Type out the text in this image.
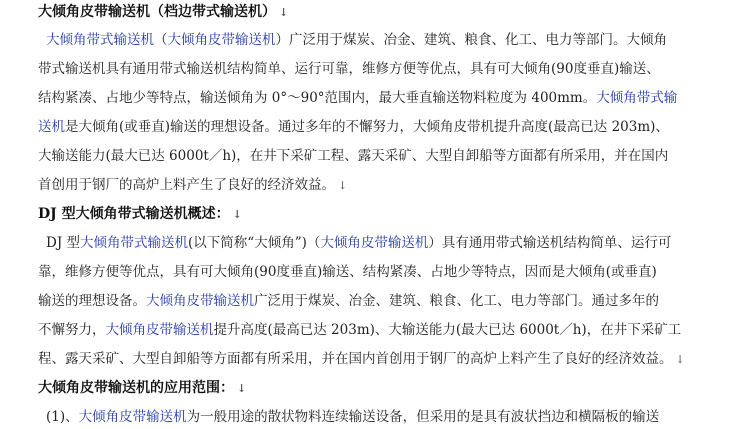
大倾角皮带输送机（档边带式输送机） ↓
大倾角带式输送机（大倾角皮带输送机）广泛用于煤炭、冶金、建筑、粮食、化工、电力等部门。大倾角
带式输送机具有通用带式输送机结构简单、运行可靠，维修方便等优点，具有可大倾角(90度垂直)输送、
结构紧凑、占地少等特点，输送倾角为 0°～90°范围内，最大垂直输送物料粒度为 400mm。大倾角带式输
送机是大倾角(或垂直)输送的理想设备。通过多年的不懈努力，大倾角皮带机提升高度(最高已达 203m)、
大输送能力(最大已达 6000t／h)，在井下采矿工程、露天采矿、大型自卸船等方面都有所采用，并在国内
首创用于钢厂的高炉上料产生了良好的经济效益。 ↓
DJ 型大倾角带式输送机概述： ↓
DJ 型大倾角带式输送机(以下简称“大倾角”)（大倾角皮带输送机）具有通用带式输送机结构简单、运行可
靠，维修方便等优点，具有可大倾角(90度垂直)输送、结构紧凑、占地少等特点，因而是大倾角(或垂直)
输送的理想设备。大倾角皮带输送机广泛用于煤炭、冶金、建筑、粮食、化工、电力等部门。通过多年的
不懈努力，大倾角皮带输送机提升高度(最高已达 203m)、大输送能力(最大已达 6000t／h)，在井下采矿工
程、露天采矿、大型自卸船等方面都有所采用，并在国内首创用于钢厂的高炉上料产生了良好的经济效益。 ↓
大倾角皮带输送机的应用范围： ↓
(1)、大倾角皮带输送机为一般用途的散状物料连续输送设备，但采用的是具有波状挡边和横隔板的输送
